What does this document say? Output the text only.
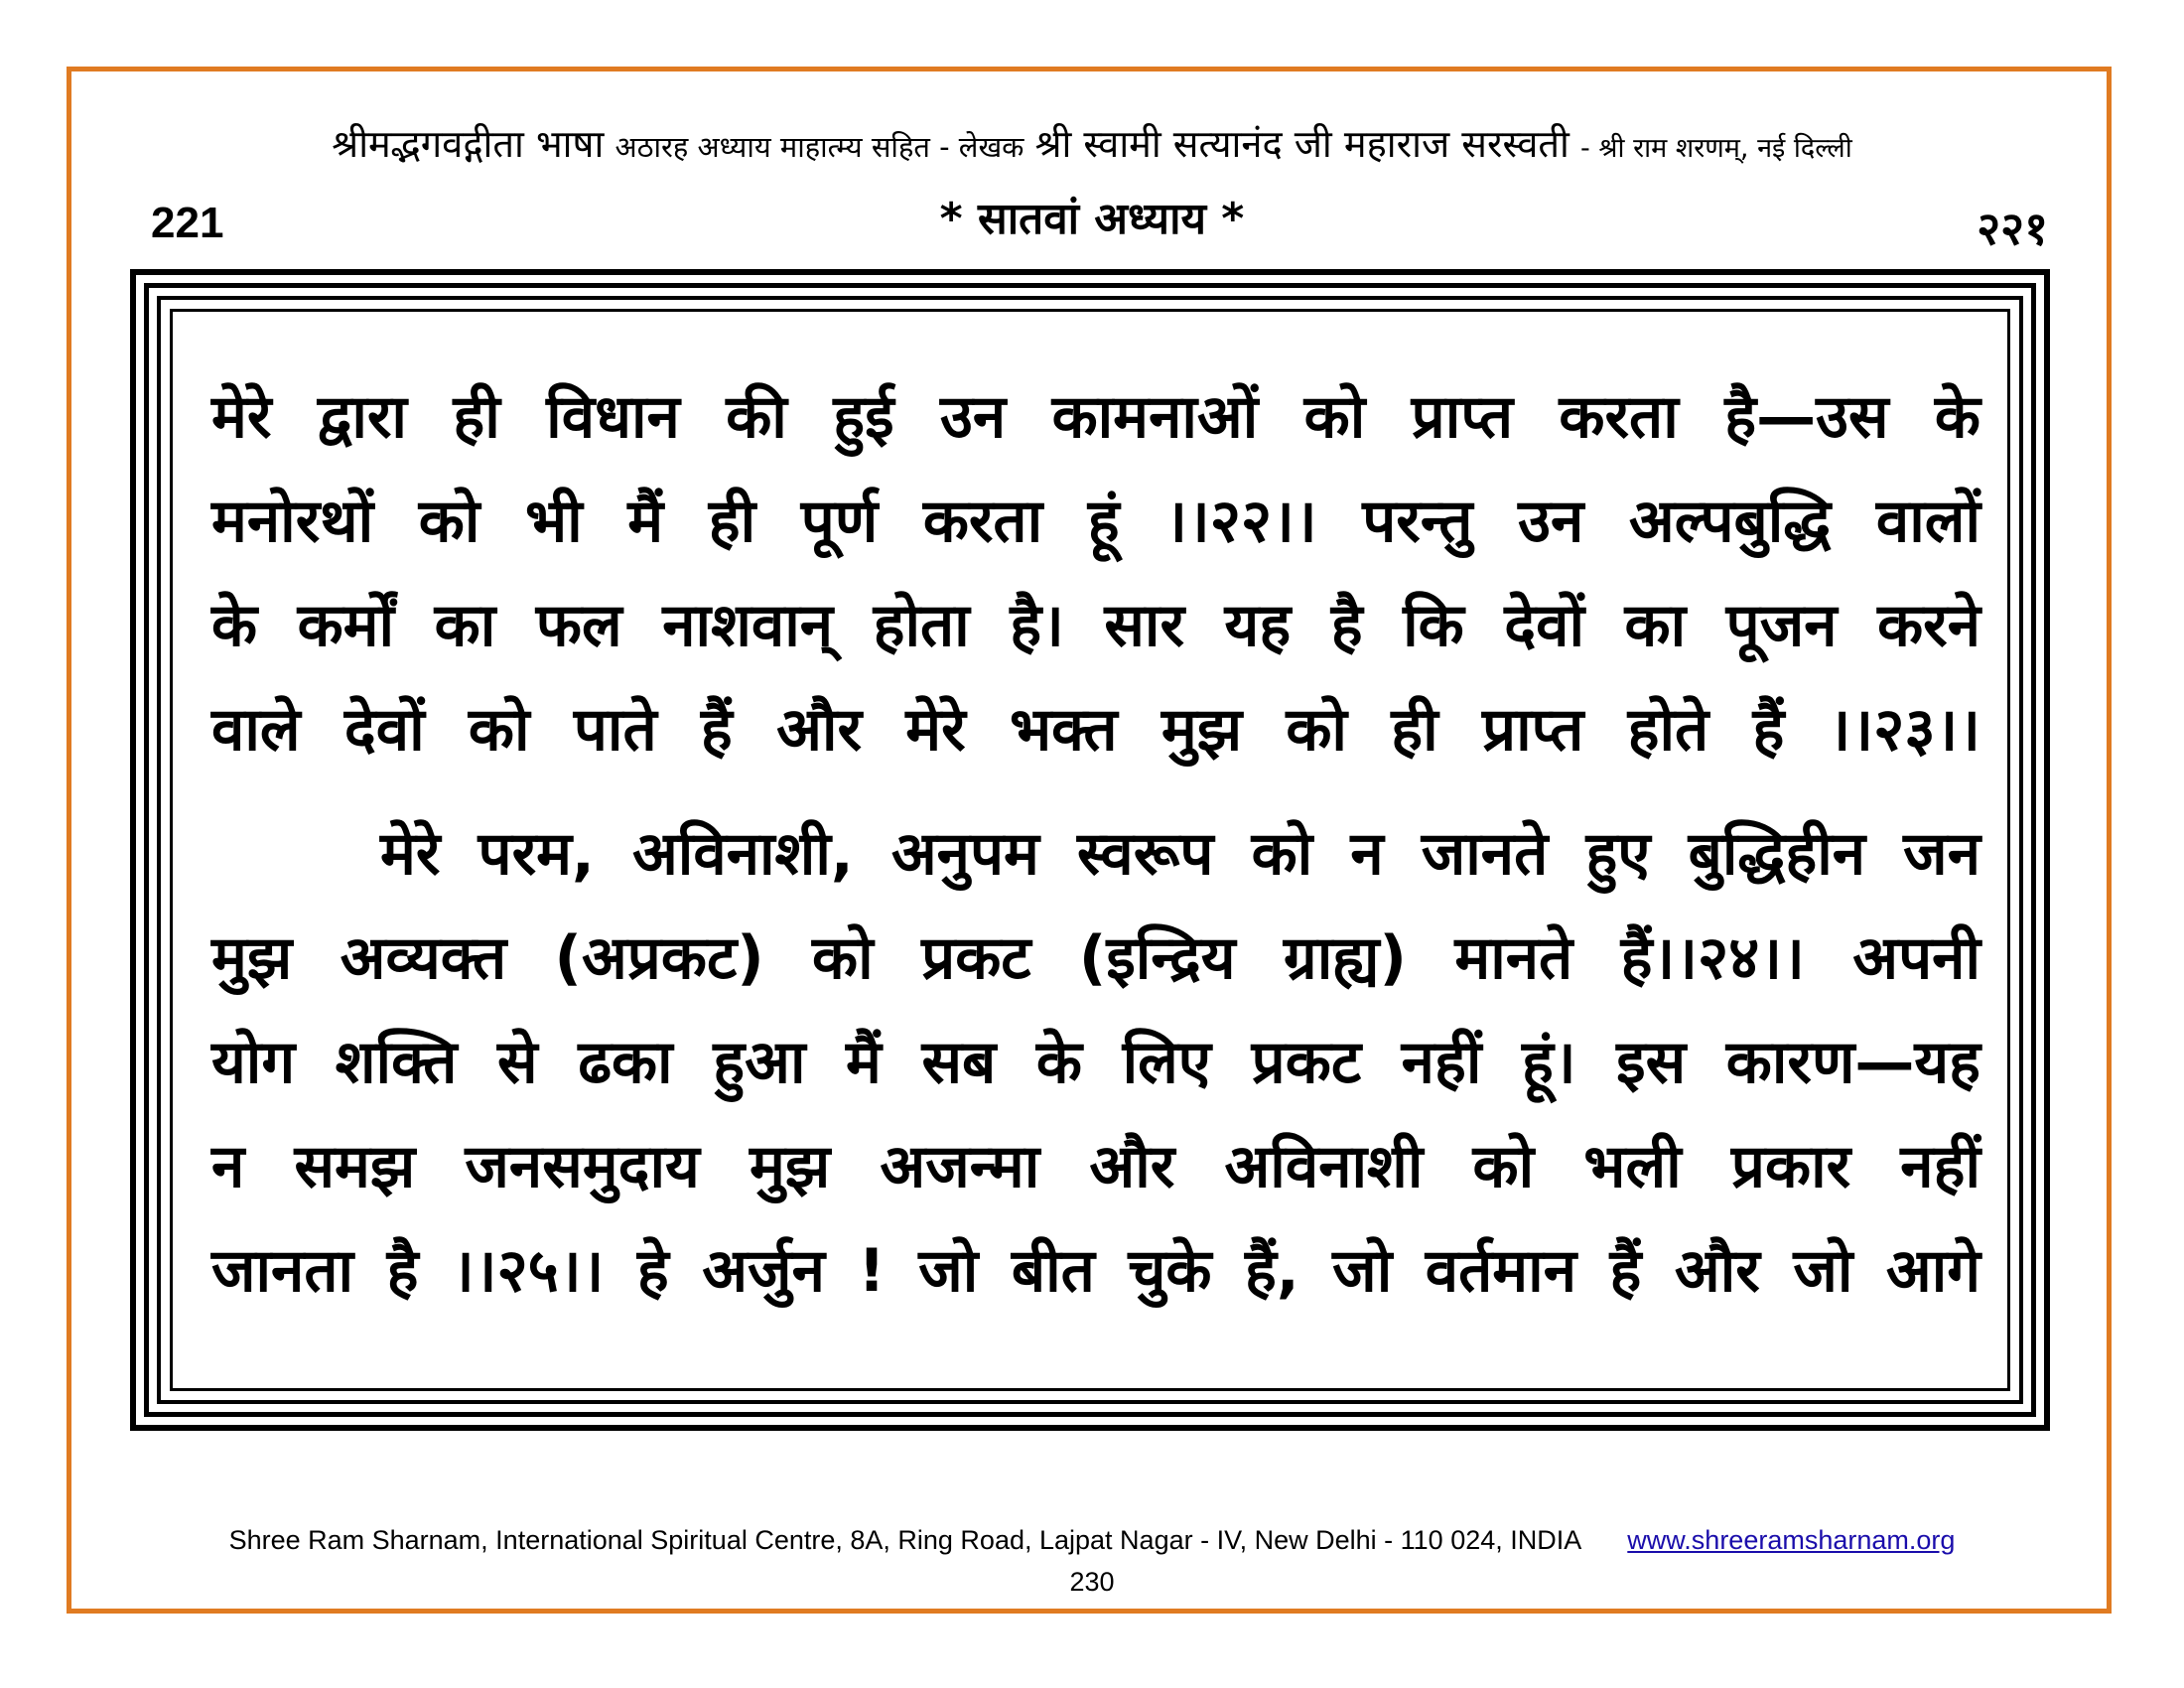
श्रीमद्भगवद्गीता भाषा अठारह अध्याय माहात्म्य सहित - लेखक श्री स्वामी सत्यानंद जी महाराज सरस्वती - श्री राम शरणम्, नई दिल्ली
221	* सातवां अध्याय *	२२१
मेरे द्वारा ही विधान की हुई उन कामनाओं को प्राप्त करता है—उस के
मनोरथों को भी मैं ही पूर्ण करता हूं ।।२२।। परन्तु उन अल्पबुद्धि वालों
के कर्मों का फल नाशवान् होता है। सार यह है कि देवों का पूजन करने
वाले देवों को पाते हैं और मेरे भक्त मुझ को ही प्राप्त होते हैं ।।२३।।
मेरे परम, अविनाशी, अनुपम स्वरूप को न जानते हुए बुद्धिहीन जन
मुझ अव्यक्त (अप्रकट) को प्रकट (इन्द्रिय ग्राह्य) मानते हैं।।२४।। अपनी
योग शक्ति से ढका हुआ मैं सब के लिए प्रकट नहीं हूं। इस कारण—यह
न समझ जनसमुदाय मुझ अजन्मा और अविनाशी को भली प्रकार नहीं
जानता है ।।२५।। हे अर्जुन ! जो बीत चुके हैं, जो वर्तमान हैं और जो आगे
Shree Ram Sharnam, International Spiritual Centre, 8A, Ring Road, Lajpat Nagar - IV, New Delhi - 110 024, INDIA www.shreeramsharnam.org
230
